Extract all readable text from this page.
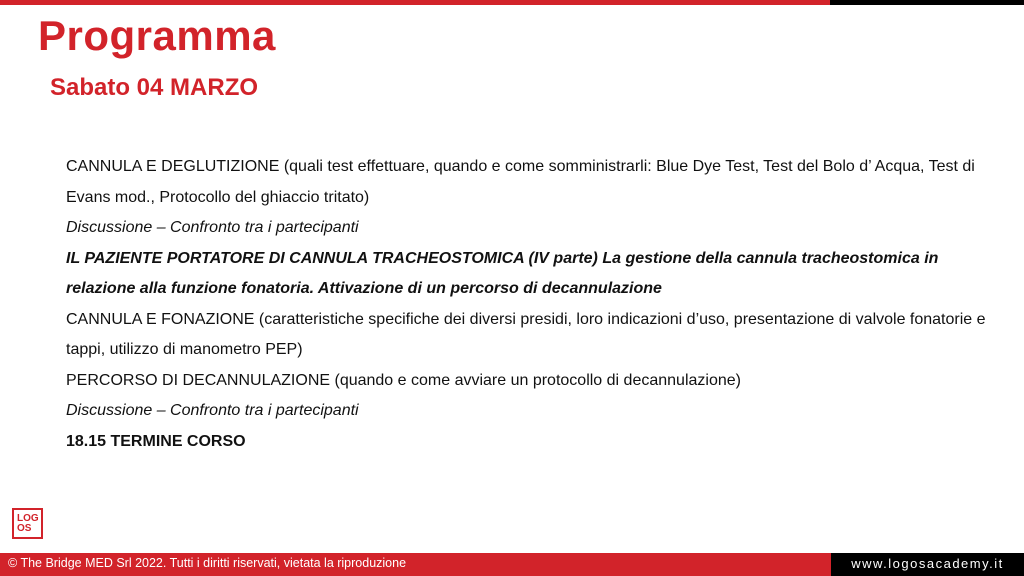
Programma
Sabato 04 MARZO

CANNULA E DEGLUTIZIONE (quali test effettuare, quando e come somministrarli: Blue Dye Test, Test del Bolo d’ Acqua, Test di Evans mod., Protocollo del ghiaccio tritato)

Discussione – Confronto tra i partecipanti

IL PAZIENTE PORTATORE DI CANNULA TRACHEOSTOMICA (IV parte) La gestione della cannula tracheostomica in relazione alla funzione fonatoria. Attivazione di un percorso di decannulazione

CANNULA E FONAZIONE (caratteristiche specifiche dei diversi presidi, loro indicazioni d’uso, presentazione di valvole fonatorie e tappi, utilizzo di manometro PEP)

PERCORSO DI DECANNULAZIONE (quando e come avviare un protocollo di decannulazione)

Discussione – Confronto tra i partecipanti

18.15 TERMINE CORSO

LOG
OS
© The Bridge MED Srl 2022. Tutti i diritti riservati, vietata la riproduzione	www.logosacademy.it
